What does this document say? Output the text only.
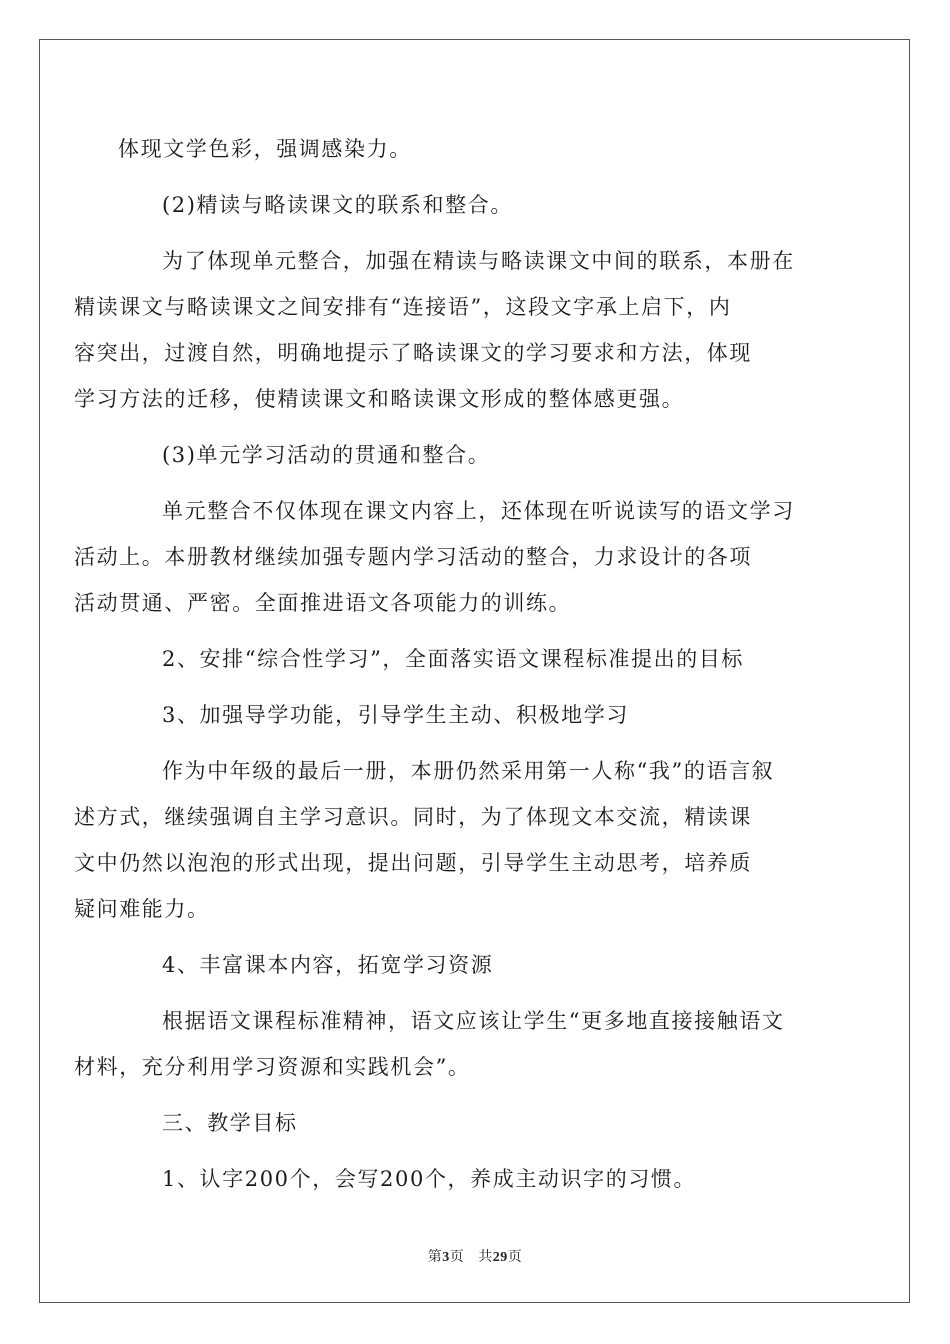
体现文学色彩，强调感染力。

(2)精读与略读课文的联系和整合。

为了体现单元整合，加强在精读与略读课文中间的联系，本册在
精读课文与略读课文之间安排有“连接语”，这段文字承上启下，内
容突出，过渡自然，明确地提示了略读课文的学习要求和方法，体现
学习方法的迁移，使精读课文和略读课文形成的整体感更强。

(3)单元学习活动的贯通和整合。

单元整合不仅体现在课文内容上，还体现在听说读写的语文学习
活动上。本册教材继续加强专题内学习活动的整合，力求设计的各项
活动贯通、严密。全面推进语文各项能力的训练。

2、安排“综合性学习”，全面落实语文课程标准提出的目标

3、加强导学功能，引导学生主动、积极地学习

作为中年级的最后一册，本册仍然采用第一人称“我”的语言叙
述方式，继续强调自主学习意识。同时，为了体现文本交流，精读课
文中仍然以泡泡的形式出现，提出问题，引导学生主动思考，培养质
疑问难能力。

4、丰富课本内容，拓宽学习资源

根据语文课程标准精神，语文应该让学生“更多地直接接触语文
材料，充分利用学习资源和实践机会”。

三、教学目标

1、认字200个，会写200个，养成主动识字的习惯。

第3页 共29页
